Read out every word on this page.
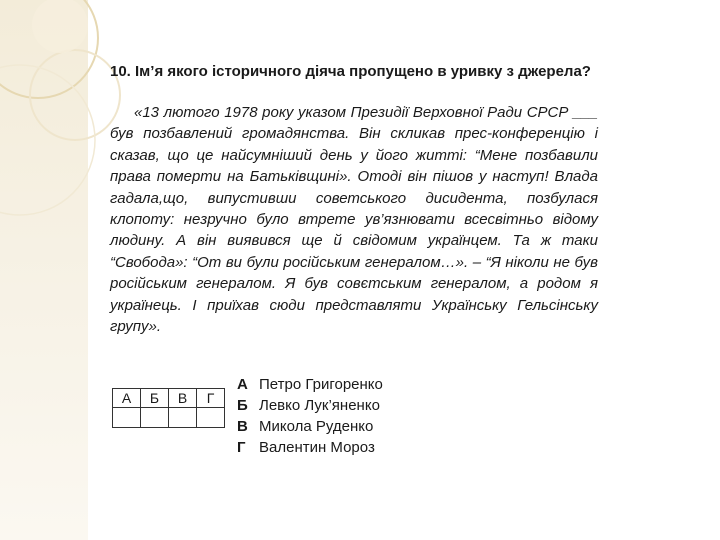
10. Ім’я якого історичного діяча пропущено в уривку з джерела?

«13 лютого 1978 року указом Президії Верховної Ради СРСР ___ був позбавлений громадянства. Він скликав прес-конференцію і сказав, що це найсумніший день у його житті: “Мене позбавили права померти на Батьківщині». Отоді він пішов у наступ! Влада гадала,що, випустивши советського дисидента, позбулася клопоту: незручно було втрете ув’язнювати всесвітньо відому людину. А він виявився ще й свідомим українцем. Та ж таки “Свобода»: “От ви були російським генералом…». – “Я ніколи не був російським генералом. Я був совєтським генералом, а родом я українець. І приїхав сюди представляти Українську Гельсінську групу».

А	Б	В	Г

А Петро Григоренко
Б Левко Лук’яненко
В Микола Руденко
Г Валентин Мороз
